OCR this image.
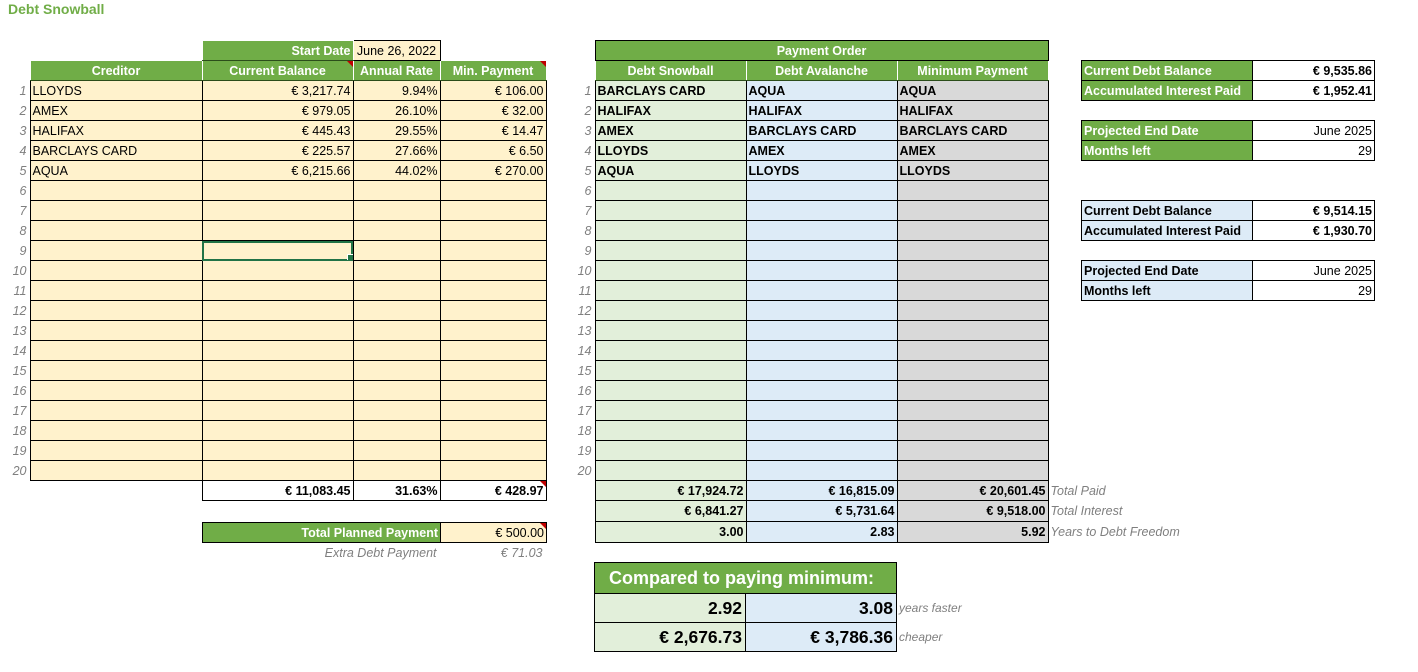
Debt Snowball
		Start Date	June 26, 2022	
	Creditor	Current Balance	Annual Rate	Min. Payment
1	LLOYDS	€ 3,217.74	9.94%	€ 106.00
2	AMEX	€ 979.05	26.10%	€ 32.00
3	HALIFAX	€ 445.43	29.55%	€ 14.47
4	BARCLAYS CARD	€ 225.57	27.66%	€ 6.50
5	AQUA	€ 6,215.66	44.02%	€ 270.00
6				
7				
8				
9				
10				
11				
12				
13				
14				
15				
16				
17				
18				
19				
20				
		€ 11,083.45	31.63%	€ 428.97
Total Planned Payment	€ 500.00
Extra Debt Payment	€ 71.03
	Payment Order			
	Debt Snowball	Debt Avalanche	Minimum Payment	
1	BARCLAYS CARD	AQUA	AQUA	
2	HALIFAX	HALIFAX	HALIFAX	
3	AMEX	BARCLAYS CARD	BARCLAYS CARD	
4	LLOYDS	AMEX	AMEX	
5	AQUA	LLOYDS	LLOYDS	
6				
7				
8				
9				
10				
11				
12				
13				
14				
15				
16				
17				
18				
19				
20				
	€ 17,924.72	€ 16,815.09	€ 20,601.45	Total Paid
	€ 6,841.27	€ 5,731.64	€ 9,518.00	Total Interest
	3.00	2.83	5.92	Years to Debt Freedom
Compared to paying minimum:		
2.92	3.08	years faster
€ 2,676.73	€ 3,786.36	cheaper
Current Debt Balance	€ 9,535.86
Accumulated Interest Paid	€ 1,952.41
Projected End Date	June 2025
Months left	29
Current Debt Balance	€ 9,514.15
Accumulated Interest Paid	€ 1,930.70
Projected End Date	June 2025
Months left	29
